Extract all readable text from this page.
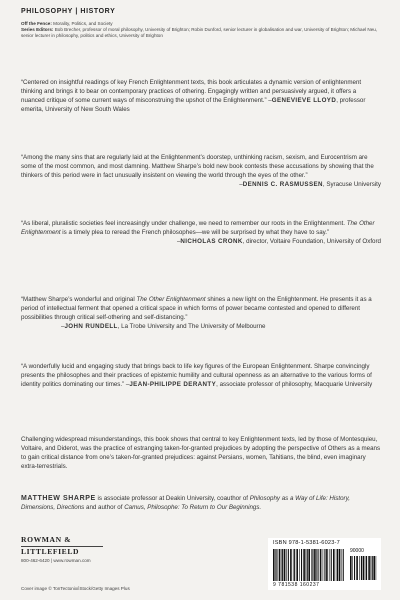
PHILOSOPHY | HISTORY
Off the Fence: Morality, Politics, and Society
Series Editors: Bob Brecher, professor of moral philosophy, University of Brighton; Robin Dunford, senior lecturer in globalisation and war, University of Brighton; Michael Neu, senior lecturer in philosophy, politics and ethics, University of Brighton

“Centered on insightful readings of key French Enlightenment texts, this book articulates a dynamic version of enlightenment thinking and brings it to bear on contemporary practices of othering. Engagingly written and persuasively argued, it offers a nuanced critique of some current ways of misconstruing the upshot of the Enlightenment.” –GENEVIEVE LLOYD, professor emerita, University of New South Wales

“Among the many sins that are regularly laid at the Enlightenment’s doorstep, unthinking racism, sexism, and Eurocentrism are some of the most common, and most damning. Matthew Sharpe’s bold new book contests these accusations by showing that the thinkers of this period were in fact unusually insistent on viewing the world through the eyes of the other.”
–DENNIS C. RASMUSSEN, Syracuse University

“As liberal, pluralistic societies feel increasingly under challenge, we need to remember our roots in the Enlightenment. The Other Enlightenment is a timely plea to reread the French philosophes—we will be surprised by what they have to say.”
–NICHOLAS CRONK, director, Voltaire Foundation, University of Oxford

“Matthew Sharpe’s wonderful and original The Other Enlightenment shines a new light on the Enlightenment. He presents it as a period of intellectual ferment that opened a critical space in which forms of power became contested and opened to different possibilities through critical self-othering and self-distancing.”
–JOHN RUNDELL, La Trobe University and The University of Melbourne

“A wonderfully lucid and engaging study that brings back to life key figures of the European Enlightenment. Sharpe convincingly presents the philosophes and their practices of epistemic humility and cultural openness as an alternative to the various forms of identity politics dominating our times.” –JEAN-PHILIPPE DERANTY, associate professor of philosophy, Macquarie University

Challenging widespread misunderstandings, this book shows that central to key Enlightenment texts, led by those of Montesquieu, Voltaire, and Diderot, was the practice of estranging taken-for-granted prejudices by adopting the perspective of Others as a means to gain critical distance from one’s taken-for-granted prejudices: against Persians, women, Tahitians, the blind, even imaginary extra-terrestrials.

MATTHEW SHARPE is associate professor at Deakin University, coauthor of Philosophy as a Way of Life: History, Dimensions, Directions and author of Camus, Philosophe: To Return to Our Beginnings.

ROWMAN &
LITTLEFIELD
800-462-6420 | www.rowman.com
Cover image © TonTectonix/iStock/Getty Images Plus
ISBN 978-1-5381-6023-7
90000
9 781538 160237
